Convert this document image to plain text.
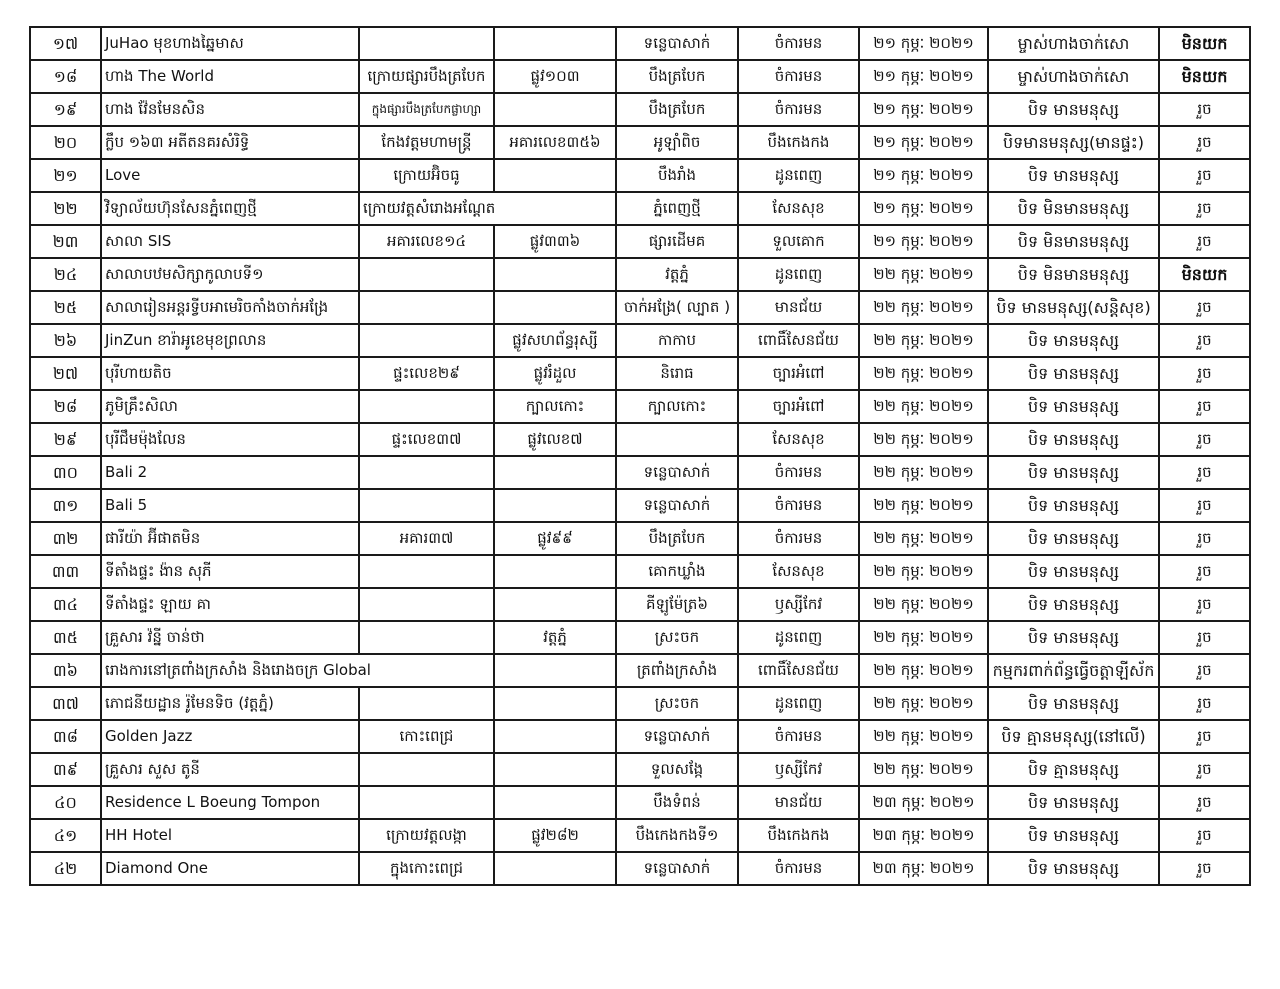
១៧	JuHao មុខហាងឆ្នៃមាស			ទន្លេបាសាក់	ចំការមន	២១ កុម្ភៈ ២០២១	ម្ចាស់ហាងចាក់សោ	មិនយក
១៨	ហាង The World	ក្រោយផ្សារបឹងត្របែក	ផ្លូវ១០៣	បឹងត្របែក	ចំការមន	២១ កុម្ភៈ ២០២១	ម្ចាស់ហាងចាក់សោ	មិនយក
១៩	ហាង វ៉ែនមែនសិន	ក្នុងផ្សារបឹងត្របែកផ្លាហ្សា		បឹងត្របែក	ចំការមន	២១ កុម្ភៈ ២០២១	បិទ មានមនុស្ស	រួច
២០	ក្លឹប ១៦៣ អតីតនគរសំរិទ្ធិ	កែងវត្តមហាមន្រ្តី	អគារលេខ៣៥៦	អូឡាំពិច	បឹងកេងកង	២១ កុម្ភៈ ២០២១	បិទមានមនុស្ស(មានផ្ទះ)	រួច
២១	Love	ក្រោយអ៊ិចធូ		បឹងរាំង	ដូនពេញ	២១ កុម្ភៈ ២០២១	បិទ មានមនុស្ស	រួច
២២	វិទ្យាល័យហ៊ុនសែនភ្នំពេញថ្មី	ក្រោយវត្តសំរោងអណ្តែត		ភ្នំពេញថ្មី	សែនសុខ	២១ កុម្ភៈ ២០២១	បិទ មិនមានមនុស្ស	រួច
២៣	សាលា SIS	អគារលេខ១៤	ផ្លូវ៣៣៦	ផ្សារដើមគ	ទួលគោក	២១ កុម្ភៈ ២០២១	បិទ មិនមានមនុស្ស	រួច
២៤	សាលាបឋមសិក្សាកូលាបទី១			វត្តភ្នំ	ដូនពេញ	២២ កុម្ភៈ ២០២១	បិទ មិនមានមនុស្ស	មិនយក
២៥	សាលារៀនអន្តរទ្វីបអាមេរិចកាំងចាក់អង្រែ			ចាក់អង្រែ( ល្បាត )	មានជ័យ	២២ កុម្ភៈ ២០២១	បិទ មានមនុស្ស(សន្តិសុខ)	រួច
២៦	JinZun ខារ៉ាអូខេមុខព្រលាន		ផ្លូវសហព័ន្ធរុស្សី	កាកាប	ពោធិ៍សែនជ័យ	២២ កុម្ភៈ ២០២១	បិទ មានមនុស្ស	រួច
២៧	បុរីហាយតិច	ផ្ទះលេខ២៩	ផ្លូវរំដួល	និរោធ	ច្បារអំពៅ	២២ កុម្ភៈ ២០២១	បិទ មានមនុស្ស	រួច
២៨	ភូមិគ្រឹះសិលា		ក្បាលកោះ	ក្បាលកោះ	ច្បារអំពៅ	២២ កុម្ភៈ ២០២១	បិទ មានមនុស្ស	រួច
២៩	បុរីជឹមម៉ុងលែន	ផ្ទះលេខ៣៧	ផ្លូវលេខ៧		សែនសុខ	២២ កុម្ភៈ ២០២១	បិទ មានមនុស្ស	រួច
៣០	Bali 2			ទន្លេបាសាក់	ចំការមន	២២ កុម្ភៈ ២០២១	បិទ មានមនុស្ស	រួច
៣១	Bali 5			ទន្លេបាសាក់	ចំការមន	២២ កុម្ភៈ ២០២១	បិទ មានមនុស្ស	រួច
៣២	ផារីយ៉ា អ៊ីផាតមិន	អគារ៣៧	ផ្លូវ៩៩	បឹងត្របែក	ចំការមន	២២ កុម្ភៈ ២០២១	បិទ មានមនុស្ស	រួច
៣៣	ទីតាំងផ្ទះ ង៉ាន សុភី			គោកឃ្លាំង	សែនសុខ	២២ កុម្ភៈ ២០២១	បិទ មានមនុស្ស	រួច
៣៤	ទីតាំងផ្ទះ ឡាយ គា			គីឡូម៉ែត្រ៦	ឫស្សីកែវ	២២ កុម្ភៈ ២០២១	បិទ មានមនុស្ស	រួច
៣៥	គ្រួសារ វ៉ន្នី ចាន់ថា		វត្តភ្នំ	ស្រះចក	ដូនពេញ	២២ កុម្ភៈ ២០២១	បិទ មានមនុស្ស	រួច
៣៦	រោងការនៅត្រពាំងក្រសាំង និងរោងចក្រ Global			ត្រពាំងក្រសាំង	ពោធិ៍សែនជ័យ	២២ កុម្ភៈ ២០២១	កម្មករពាក់ព័ន្ធធ្វើចត្តាឡីស័ក	រួច
៣៧	ភោជនីយដ្ឋាន រ៉ូមែនទិច (វត្តភ្នំ)			ស្រះចក	ដូនពេញ	២២ កុម្ភៈ ២០២១	បិទ មានមនុស្ស	រួច
៣៨	Golden Jazz	កោះពេជ្រ		ទន្លេបាសាក់	ចំការមន	២២ កុម្ភៈ ២០២១	បិទ គ្មានមនុស្ស(នៅលើ)	រួច
៣៩	គ្រួសារ សួស តូនី			ទួលសង្កែ	ឫស្សីកែវ	២២ កុម្ភៈ ២០២១	បិទ គ្មានមនុស្ស	រួច
៤០	Residence L Boeung Tompon			បឹងទំពន់	មានជ័យ	២៣ កុម្ភៈ ២០២១	បិទ មានមនុស្ស	រួច
៤១	HH Hotel	ក្រោយវត្តលង្កា	ផ្លូវ២៨២	បឹងកេងកងទី១	បឹងកេងកង	២៣ កុម្ភៈ ២០២១	បិទ មានមនុស្ស	រួច
៤២	Diamond One	ក្នុងកោះពេជ្រ		ទន្លេបាសាក់	ចំការមន	២៣ កុម្ភៈ ២០២១	បិទ មានមនុស្ស	រួច
